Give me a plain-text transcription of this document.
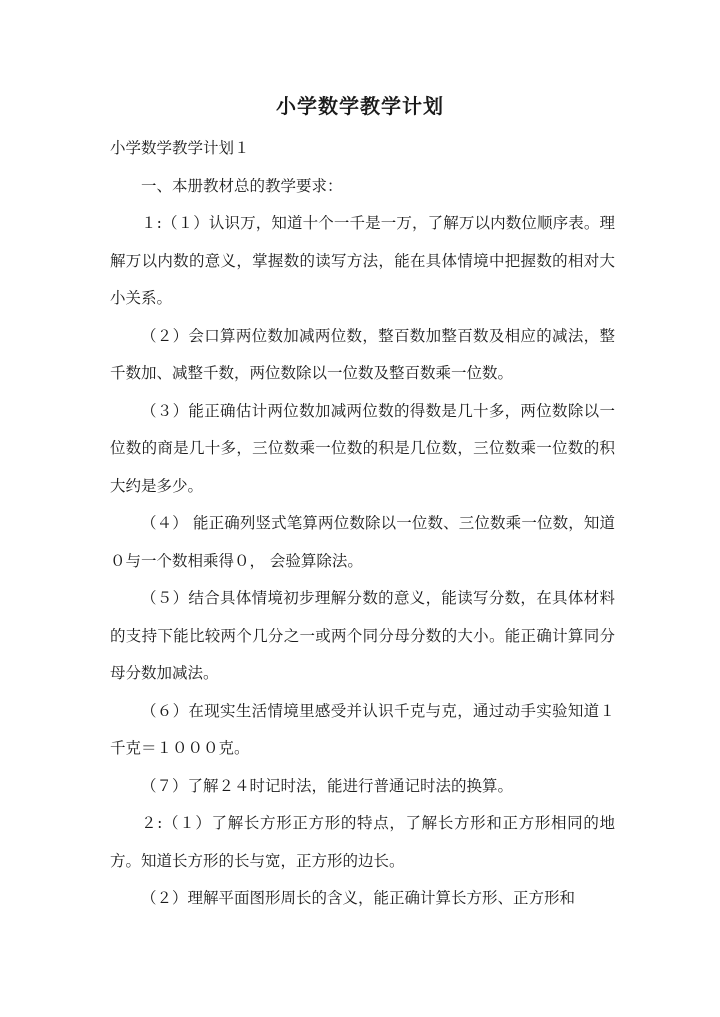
小学数学教学计划

小学数学教学计划１

一、本册教材总的教学要求：

１:（１）认识万，知道十个一千是一万，了解万以内数位顺序表。理解万以内数的意义，掌握数的读写方法，能在具体情境中把握数的相对大小关系。

（２）会口算两位数加减两位数，整百数加整百数及相应的减法，整千数加、减整千数，两位数除以一位数及整百数乘一位数。

（３）能正确估计两位数加减两位数的得数是几十多，两位数除以一位数的商是几十多，三位数乘一位数的积是几位数，三位数乘一位数的积大约是多少。

（４） 能正确列竖式笔算两位数除以一位数、三位数乘一位数，知道０与一个数相乘得０， 会验算除法。

（５）结合具体情境初步理解分数的意义，能读写分数，在具体材料的支持下能比较两个几分之一或两个同分母分数的大小。能正确计算同分母分数加减法。

（６）在现实生活情境里感受并认识千克与克，通过动手实验知道１千克＝１０００克。

（７）了解２４时记时法，能进行普通记时法的换算。

２:（１）了解长方形正方形的特点，了解长方形和正方形相同的地方。知道长方形的长与宽，正方形的边长。

（２）理解平面图形周长的含义，能正确计算长方形、正方形和
